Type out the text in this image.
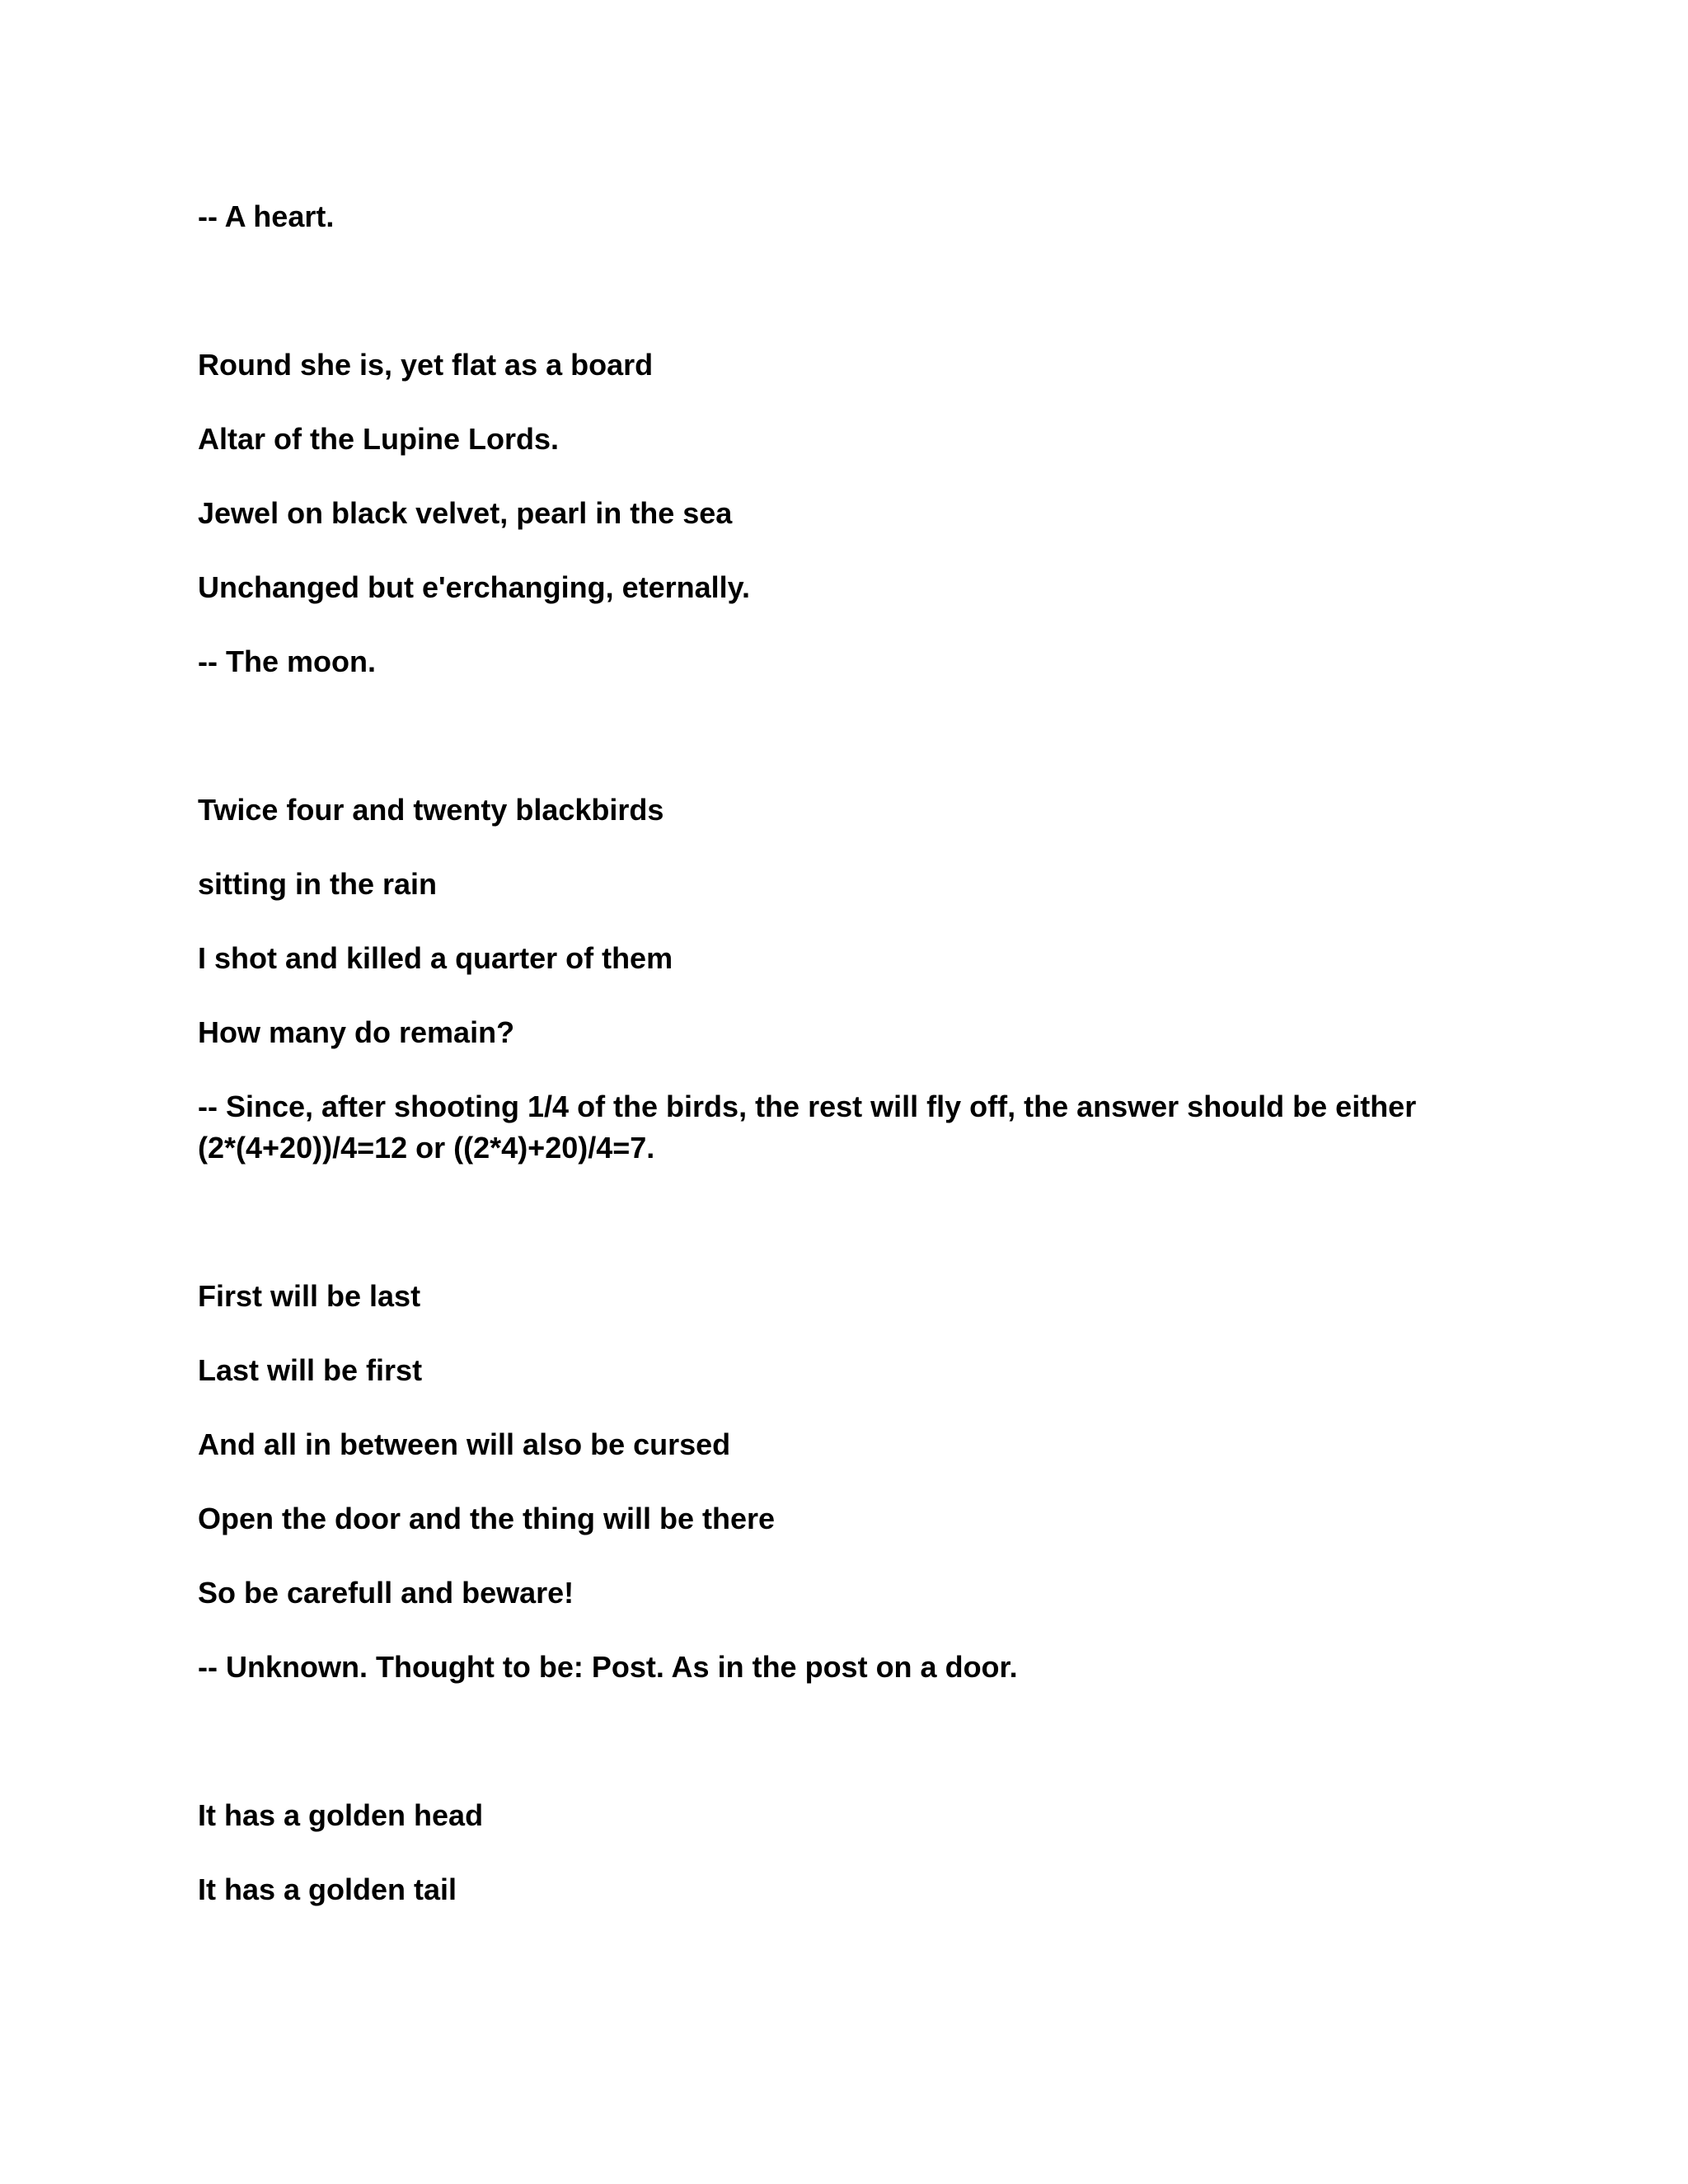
-- A heart.

Round she is, yet flat as a board

Altar of the Lupine Lords.

Jewel on black velvet, pearl in the sea

Unchanged but e'erchanging, eternally.

-- The moon.

Twice four and twenty blackbirds

sitting in the rain

I shot and killed a quarter of them

How many do remain?

-- Since, after shooting 1/4 of the birds, the rest will fly off, the answer should be either
(2*(4+20))/4=12 or ((2*4)+20)/4=7.

First will be last

Last will be first

And all in between will also be cursed

Open the door and the thing will be there

So be carefull and beware!

-- Unknown. Thought to be: Post. As in the post on a door.

It has a golden head

It has a golden tail
